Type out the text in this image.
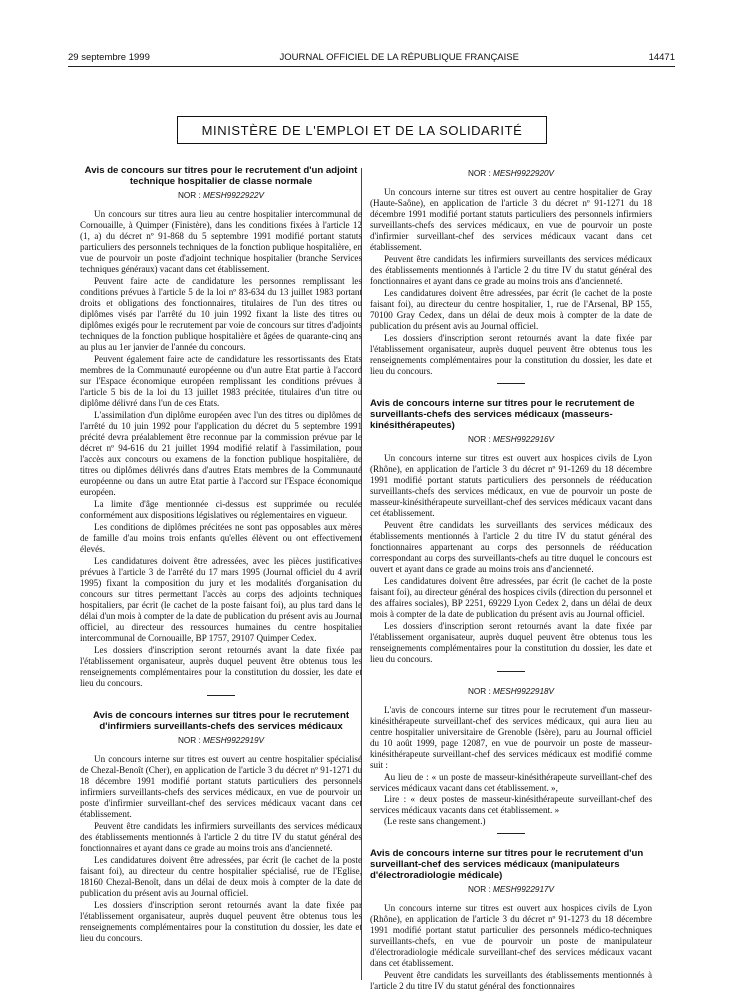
29 septembre 1999	JOURNAL OFFICIEL DE LA RÉPUBLIQUE FRANÇAISE	14471
MINISTÈRE DE L'EMPLOI ET DE LA SOLIDARITÉ

Avis de concours sur titres pour le recrutement d'un adjoint technique hospitalier de classe normale

NOR : MESH9922922V

Un concours sur titres aura lieu au centre hospitalier intercommunal de Cornouaille, à Quimper (Finistère), dans les conditions fixées à l'article 12 (1, a) du décret nº 91-868 du 5 septembre 1991 modifié portant statuts particuliers des personnels techniques de la fonction publique hospitalière, en vue de pourvoir un poste d'adjoint technique hospitalier (branche Services techniques généraux) vacant dans cet établissement.

Peuvent faire acte de candidature les personnes remplissant les conditions prévues à l'article 5 de la loi nº 83-634 du 13 juillet 1983 portant droits et obligations des fonctionnaires, titulaires de l'un des titres ou diplômes visés par l'arrêté du 10 juin 1992 fixant la liste des titres ou diplômes exigés pour le recrutement par voie de concours sur titres d'adjoints techniques de la fonction publique hospitalière et âgées de quarante-cinq ans au plus au 1er janvier de l'année du concours.

Peuvent également faire acte de candidature les ressortissants des Etats membres de la Communauté européenne ou d'un autre Etat partie à l'accord sur l'Espace économique européen remplissant les conditions prévues à l'article 5 bis de la loi du 13 juillet 1983 précitée, titulaires d'un titre ou diplôme délivré dans l'un de ces Etats.

L'assimilation d'un diplôme européen avec l'un des titres ou diplômes de l'arrêté du 10 juin 1992 pour l'application du décret du 5 septembre 1991 précité devra préalablement être reconnue par la commission prévue par le décret nº 94-616 du 21 juillet 1994 modifié relatif à l'assimilation, pour l'accès aux concours ou examens de la fonction publique hospitalière, de titres ou diplômes délivrés dans d'autres Etats membres de la Communauté européenne ou dans un autre Etat partie à l'accord sur l'Espace économique européen.

La limite d'âge mentionnée ci-dessus est supprimée ou reculée conformément aux dispositions législatives ou réglementaires en vigueur.

Les conditions de diplômes précitées ne sont pas opposables aux mères de famille d'au moins trois enfants qu'elles élèvent ou ont effectivement élevés.

Les candidatures doivent être adressées, avec les pièces justificatives prévues à l'article 3 de l'arrêté du 17 mars 1995 (Journal officiel du 4 avril 1995) fixant la composition du jury et les modalités d'organisation du concours sur titres permettant l'accès au corps des adjoints techniques hospitaliers, par écrit (le cachet de la poste faisant foi), au plus tard dans le délai d'un mois à compter de la date de publication du présent avis au Journal officiel, au directeur des ressources humaines du centre hospitalier intercommunal de Cornouaille, BP 1757, 29107 Quimper Cedex.

Les dossiers d'inscription seront retournés avant la date fixée par l'établissement organisateur, auprès duquel peuvent être obtenus tous les renseignements complémentaires pour la constitution du dossier, les date et lieu du concours.

Avis de concours internes sur titres pour le recrutement d'infirmiers surveillants-chefs des services médicaux

NOR : MESH9922919V

Un concours interne sur titres est ouvert au centre hospitalier spécialisé de Chezal-Benoît (Cher), en application de l'article 3 du décret nº 91-1271 du 18 décembre 1991 modifié portant statuts particuliers des personnels infirmiers surveillants-chefs des services médicaux, en vue de pourvoir un poste d'infirmier surveillant-chef des services médicaux vacant dans cet établissement.

Peuvent être candidats les infirmiers surveillants des services médicaux des établissements mentionnés à l'article 2 du titre IV du statut général des fonctionnaires et ayant dans ce grade au moins trois ans d'ancienneté.

Les candidatures doivent être adressées, par écrit (le cachet de la poste faisant foi), au directeur du centre hospitalier spécialisé, rue de l'Eglise, 18160 Chezal-Benoît, dans un délai de deux mois à compter de la date de publication du présent avis au Journal officiel.

Les dossiers d'inscription seront retournés avant la date fixée par l'établissement organisateur, auprès duquel peuvent être obtenus tous les renseignements complémentaires pour la constitution du dossier, les date et lieu du concours.

NOR : MESH9922920V

Un concours interne sur titres est ouvert au centre hospitalier de Gray (Haute-Saône), en application de l'article 3 du décret nº 91-1271 du 18 décembre 1991 modifié portant statuts particuliers des personnels infirmiers surveillants-chefs des services médicaux, en vue de pourvoir un poste d'infirmier surveillant-chef des services médicaux vacant dans cet établissement.

Peuvent être candidats les infirmiers surveillants des services médicaux des établissements mentionnés à l'article 2 du titre IV du statut général des fonctionnaires et ayant dans ce grade au moins trois ans d'ancienneté.

Les candidatures doivent être adressées, par écrit (le cachet de la poste faisant foi), au directeur du centre hospitalier, 1, rue de l'Arsenal, BP 155, 70100 Gray Cedex, dans un délai de deux mois à compter de la date de publication du présent avis au Journal officiel.

Les dossiers d'inscription seront retournés avant la date fixée par l'établissement organisateur, auprès duquel peuvent être obtenus tous les renseignements complémentaires pour la constitution du dossier, les date et lieu du concours.

Avis de concours interne sur titres pour le recrutement de surveillants-chefs des services médicaux (masseurs-kinésithérapeutes)

NOR : MESH9922916V

Un concours interne sur titres est ouvert aux hospices civils de Lyon (Rhône), en application de l'article 3 du décret nº 91-1269 du 18 décembre 1991 modifié portant statuts particuliers des personnels de rééducation surveillants-chefs des services médicaux, en vue de pourvoir un poste de masseur-kinésithérapeute surveillant-chef des services médicaux vacant dans cet établissement.

Peuvent être candidats les surveillants des services médicaux des établissements mentionnés à l'article 2 du titre IV du statut général des fonctionnaires appartenant au corps des personnels de rééducation correspondant au corps des surveillants-chefs au titre duquel le concours est ouvert et ayant dans ce grade au moins trois ans d'ancienneté.

Les candidatures doivent être adressées, par écrit (le cachet de la poste faisant foi), au directeur général des hospices civils (direction du personnel et des affaires sociales), BP 2251, 69229 Lyon Cedex 2, dans un délai de deux mois à compter de la date de publication du présent avis au Journal officiel.

Les dossiers d'inscription seront retournés avant la date fixée par l'établissement organisateur, auprès duquel peuvent être obtenus tous les renseignements complémentaires pour la constitution du dossier, les date et lieu du concours.

NOR : MESH9922918V

L'avis de concours interne sur titres pour le recrutement d'un masseur-kinésithérapeute surveillant-chef des services médicaux, qui aura lieu au centre hospitalier universitaire de Grenoble (Isère), paru au Journal officiel du 10 août 1999, page 12087, en vue de pourvoir un poste de masseur-kinésithérapeute surveillant-chef des services médicaux est modifié comme suit :

Au lieu de : « un poste de masseur-kinésithérapeute surveillant-chef des services médicaux vacant dans cet établissement. »,

Lire : « deux postes de masseur-kinésithérapeute surveillant-chef des services médicaux vacants dans cet établissement. »

(Le reste sans changement.)

Avis de concours interne sur titres pour le recrutement d'un surveillant-chef des services médicaux (manipulateurs d'électroradiologie médicale)

NOR : MESH9922917V

Un concours interne sur titres est ouvert aux hospices civils de Lyon (Rhône), en application de l'article 3 du décret nº 91-1273 du 18 décembre 1991 modifié portant statut particulier des personnels médico-techniques surveillants-chefs, en vue de pourvoir un poste de manipulateur d'électroradiologie médicale surveillant-chef des services médicaux vacant dans cet établissement.

Peuvent être candidats les surveillants des établissements mentionnés à l'article 2 du titre IV du statut général des fonctionnaires
